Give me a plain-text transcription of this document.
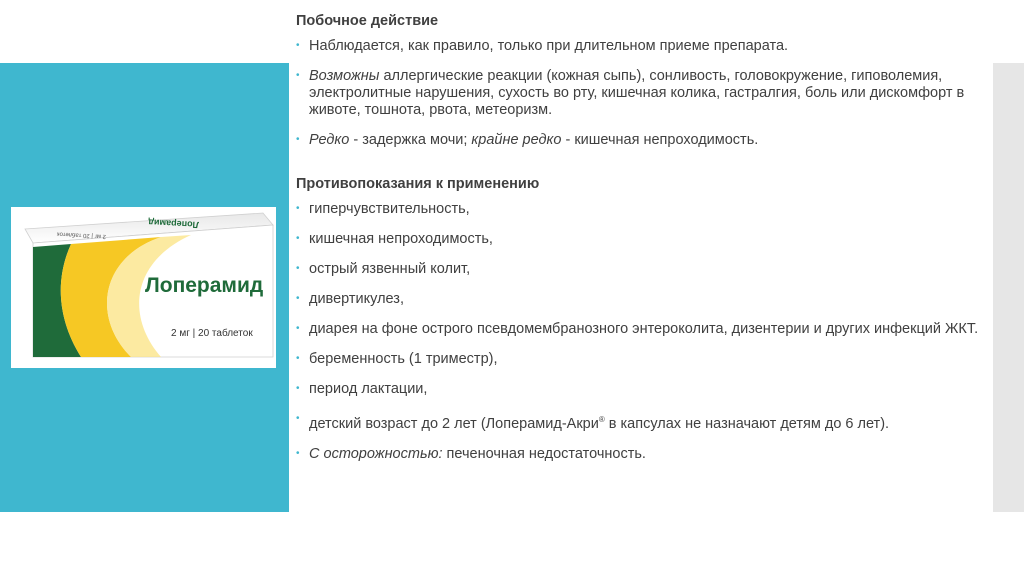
Лоперамид
2 мг | 20 таблеток
Лоперамид
2 мг | 20 таблеток
Побочное действие
• Наблюдается, как правило, только при длительном приеме препарата.
• Возможны аллергические реакции (кожная сыпь), сонливость, головокружение, гиповолемия, электролитные нарушения, сухость во рту, кишечная колика, гастралгия, боль или дискомфорт в животе, тошнота, рвота, метеоризм.
• Редко - задержка мочи; крайне редко - кишечная непроходимость.
Противопоказания к применению
• гиперчувствительность,
• кишечная непроходимость,
• острый язвенный колит,
• дивертикулез,
• диарея на фоне острого псевдомембранозного энтероколита, дизентерии и других инфекций ЖКТ.
• беременность (1 триместр),
• период лактации,
• детский возраст до 2 лет (Лоперамид-Акри® в капсулах не назначают детям до 6 лет).
• С осторожностью: печеночная недостаточность.
